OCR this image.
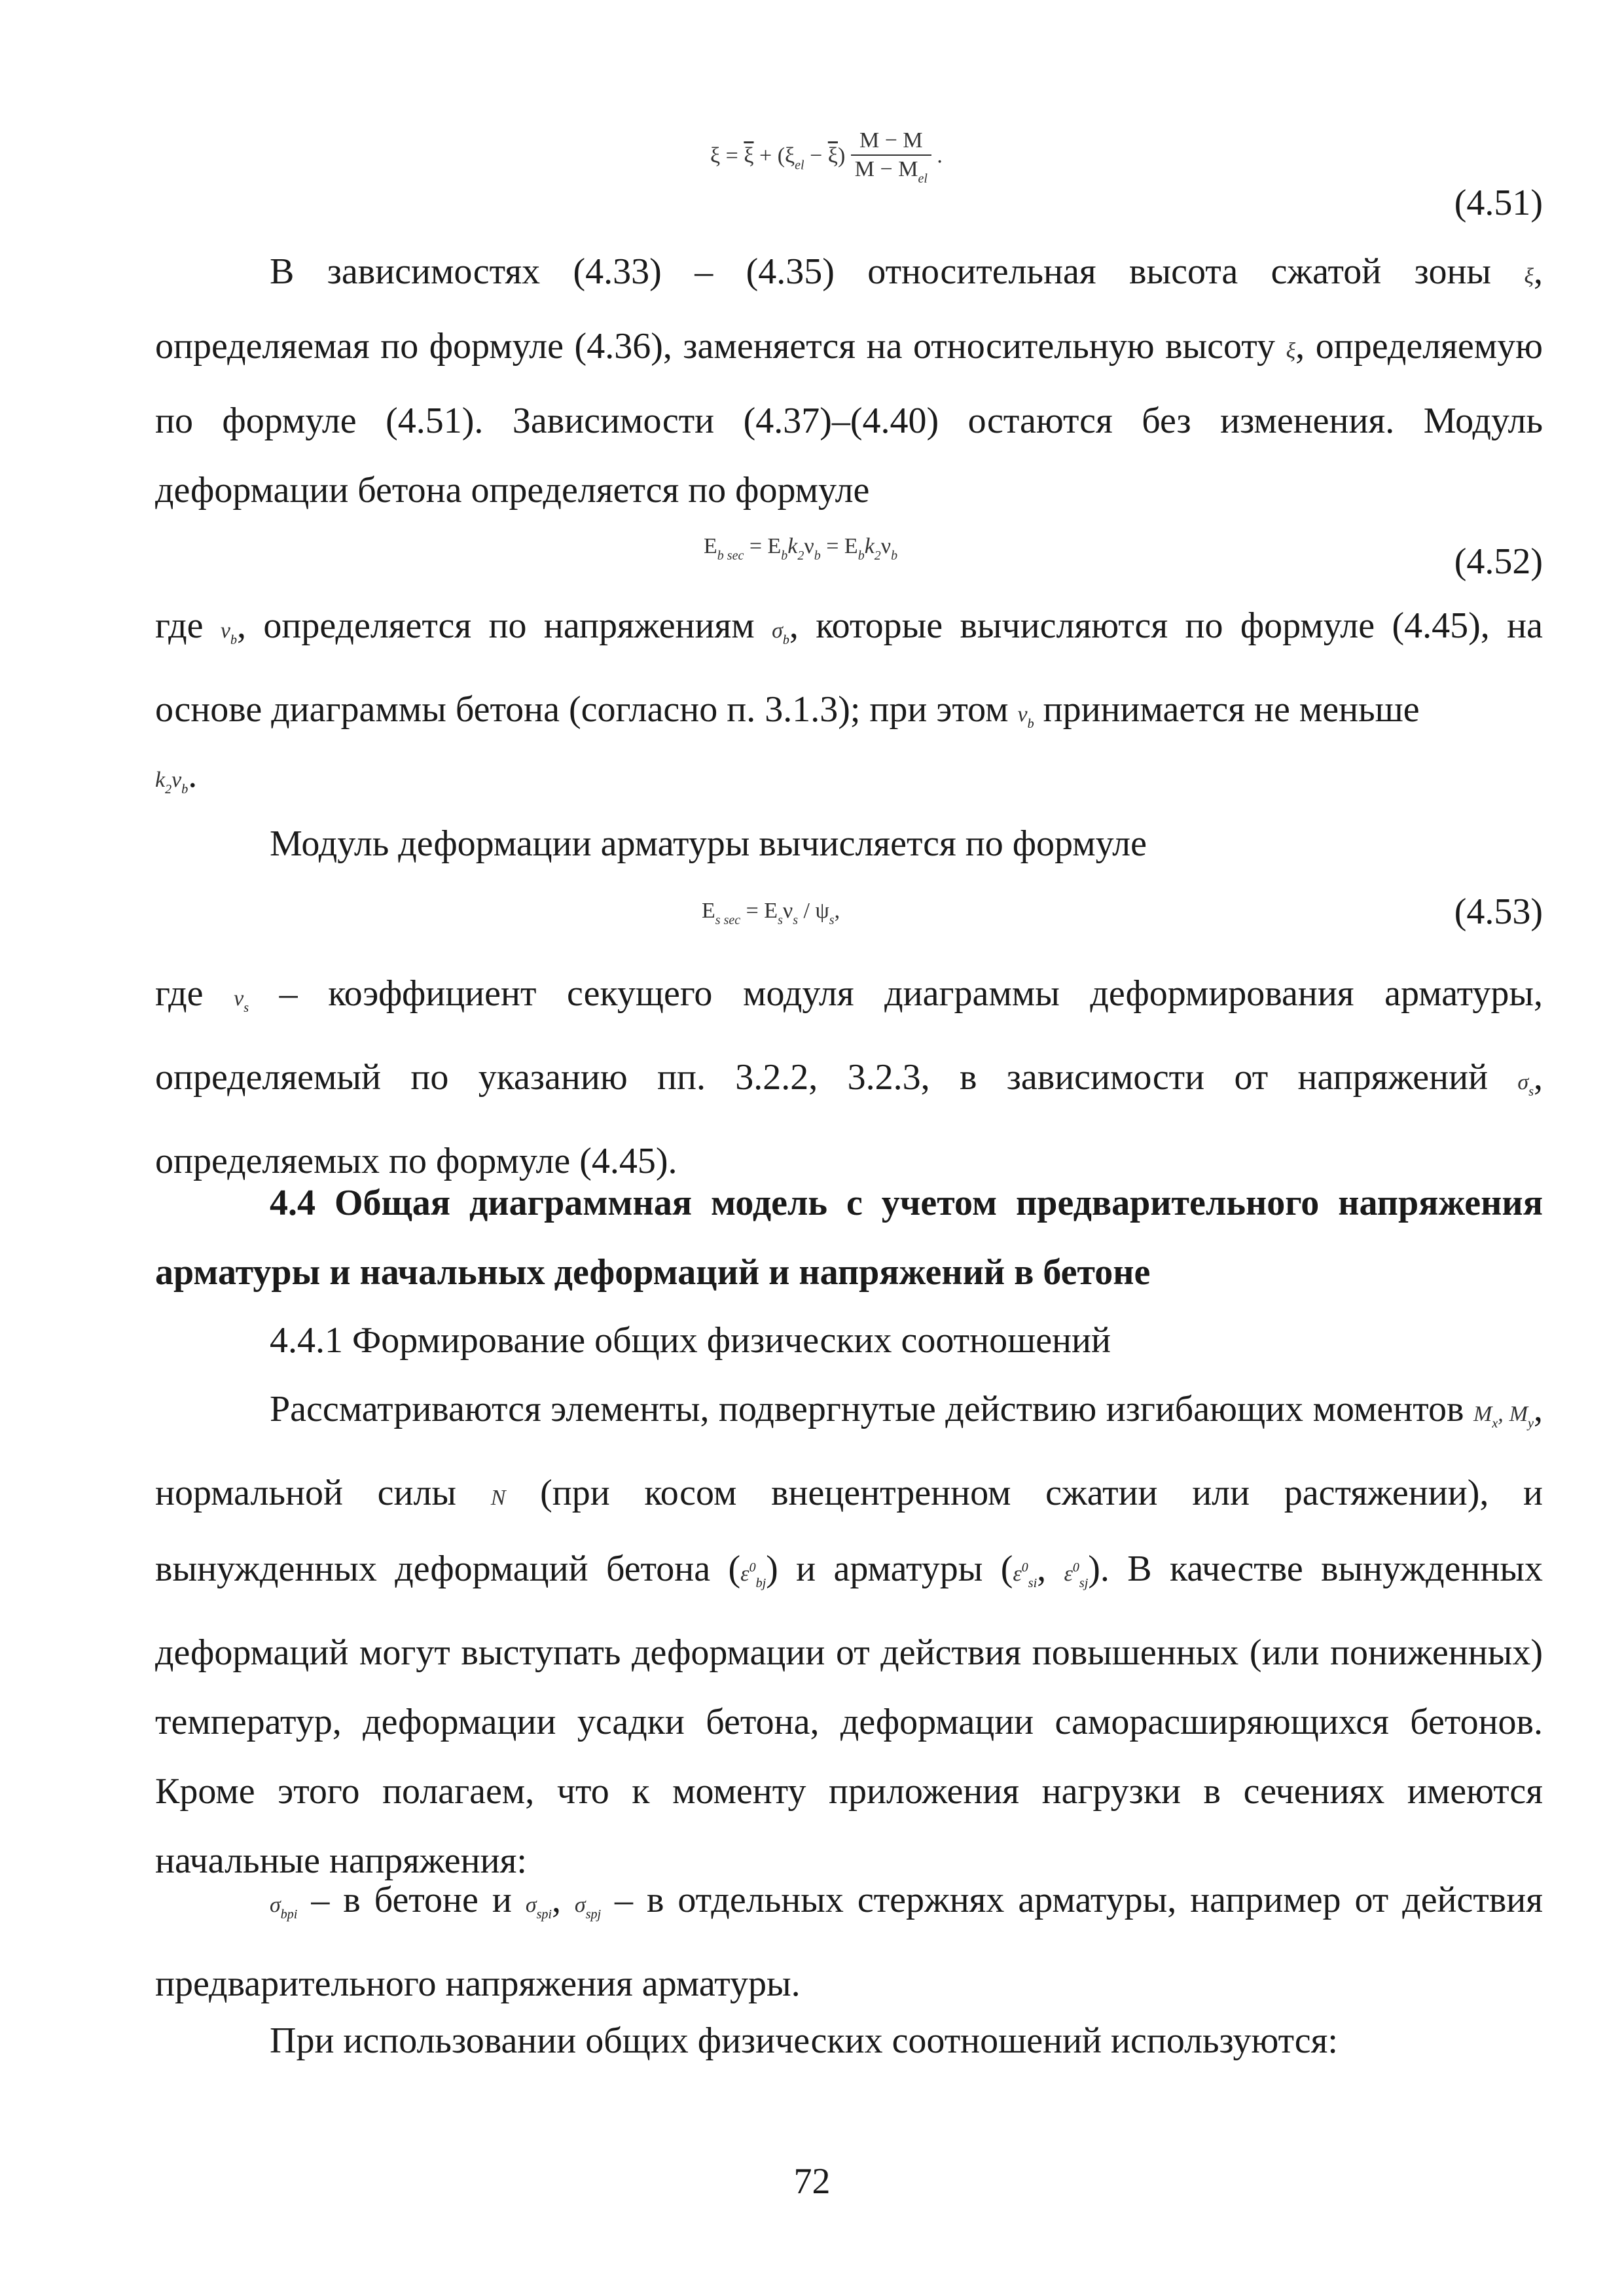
$\xi = \overline{\xi} + (\xi_{el} - \overline{\xi}) \frac{M - M}{M - M_{el}}$ .
(4.51)
В зависимостях (4.33) – (4.35) относительная высота сжатой зоны ξ, определяемая по формуле (4.36), заменяется на относительную высоту ξ, определяемую по формуле (4.51). Зависимости (4.37)–(4.40) остаются без изменения. Модуль деформации бетона определяется по формуле
$E_{b sec} = E_bk_2\nu_b = E_bk_2\nu_b$	(4.52)
где $\nu_b$, определяется по напряжениям $\sigma_b$, которые вычисляются по формуле (4.45), на основе диаграммы бетона (согласно п. 3.1.3); при этом $\nu_b$ принимается не меньше
$k_2\nu_b$.
Модуль деформации арматуры вычисляется по формуле
$E_{s sec} = E_s\nu_s / \psi_s$,	(4.53)
где $\nu_s$ – коэффициент секущего модуля диаграммы деформирования арматуры, определяемый по указанию пп. 3.2.2, 3.2.3, в зависимости от напряжений $\sigma_s$, определяемых по формуле (4.45).
4.4 Общая диаграммная модель с учетом предварительного напряжения арматуры и начальных деформаций и напряжений в бетоне
4.4.1 Формирование общих физических соотношений
Рассматриваются элементы, подвергнутые действию изгибающих моментов $M_x$, $M_y$, нормальной силы N (при косом внецентренном сжатии или растяжении), и вынужденных деформаций бетона $(\varepsilon^0_{bj})$ и арматуры ($\varepsilon^0_{si}$, $\varepsilon^0_{sj}$). В качестве вынужденных деформаций могут выступать деформации от действия повышенных (или пониженных) температур, деформации усадки бетона, деформации саморасширяющихся бетонов. Кроме этого полагаем, что к моменту приложения нагрузки в сечениях имеются начальные напряжения:
$\sigma_{bpi}$ – в бетоне и $\sigma_{spi}$, $\sigma_{spj}$ – в отдельных стержнях арматуры, например от действия предварительного напряжения арматуры.
При использовании общих физических соотношений используются:
72
